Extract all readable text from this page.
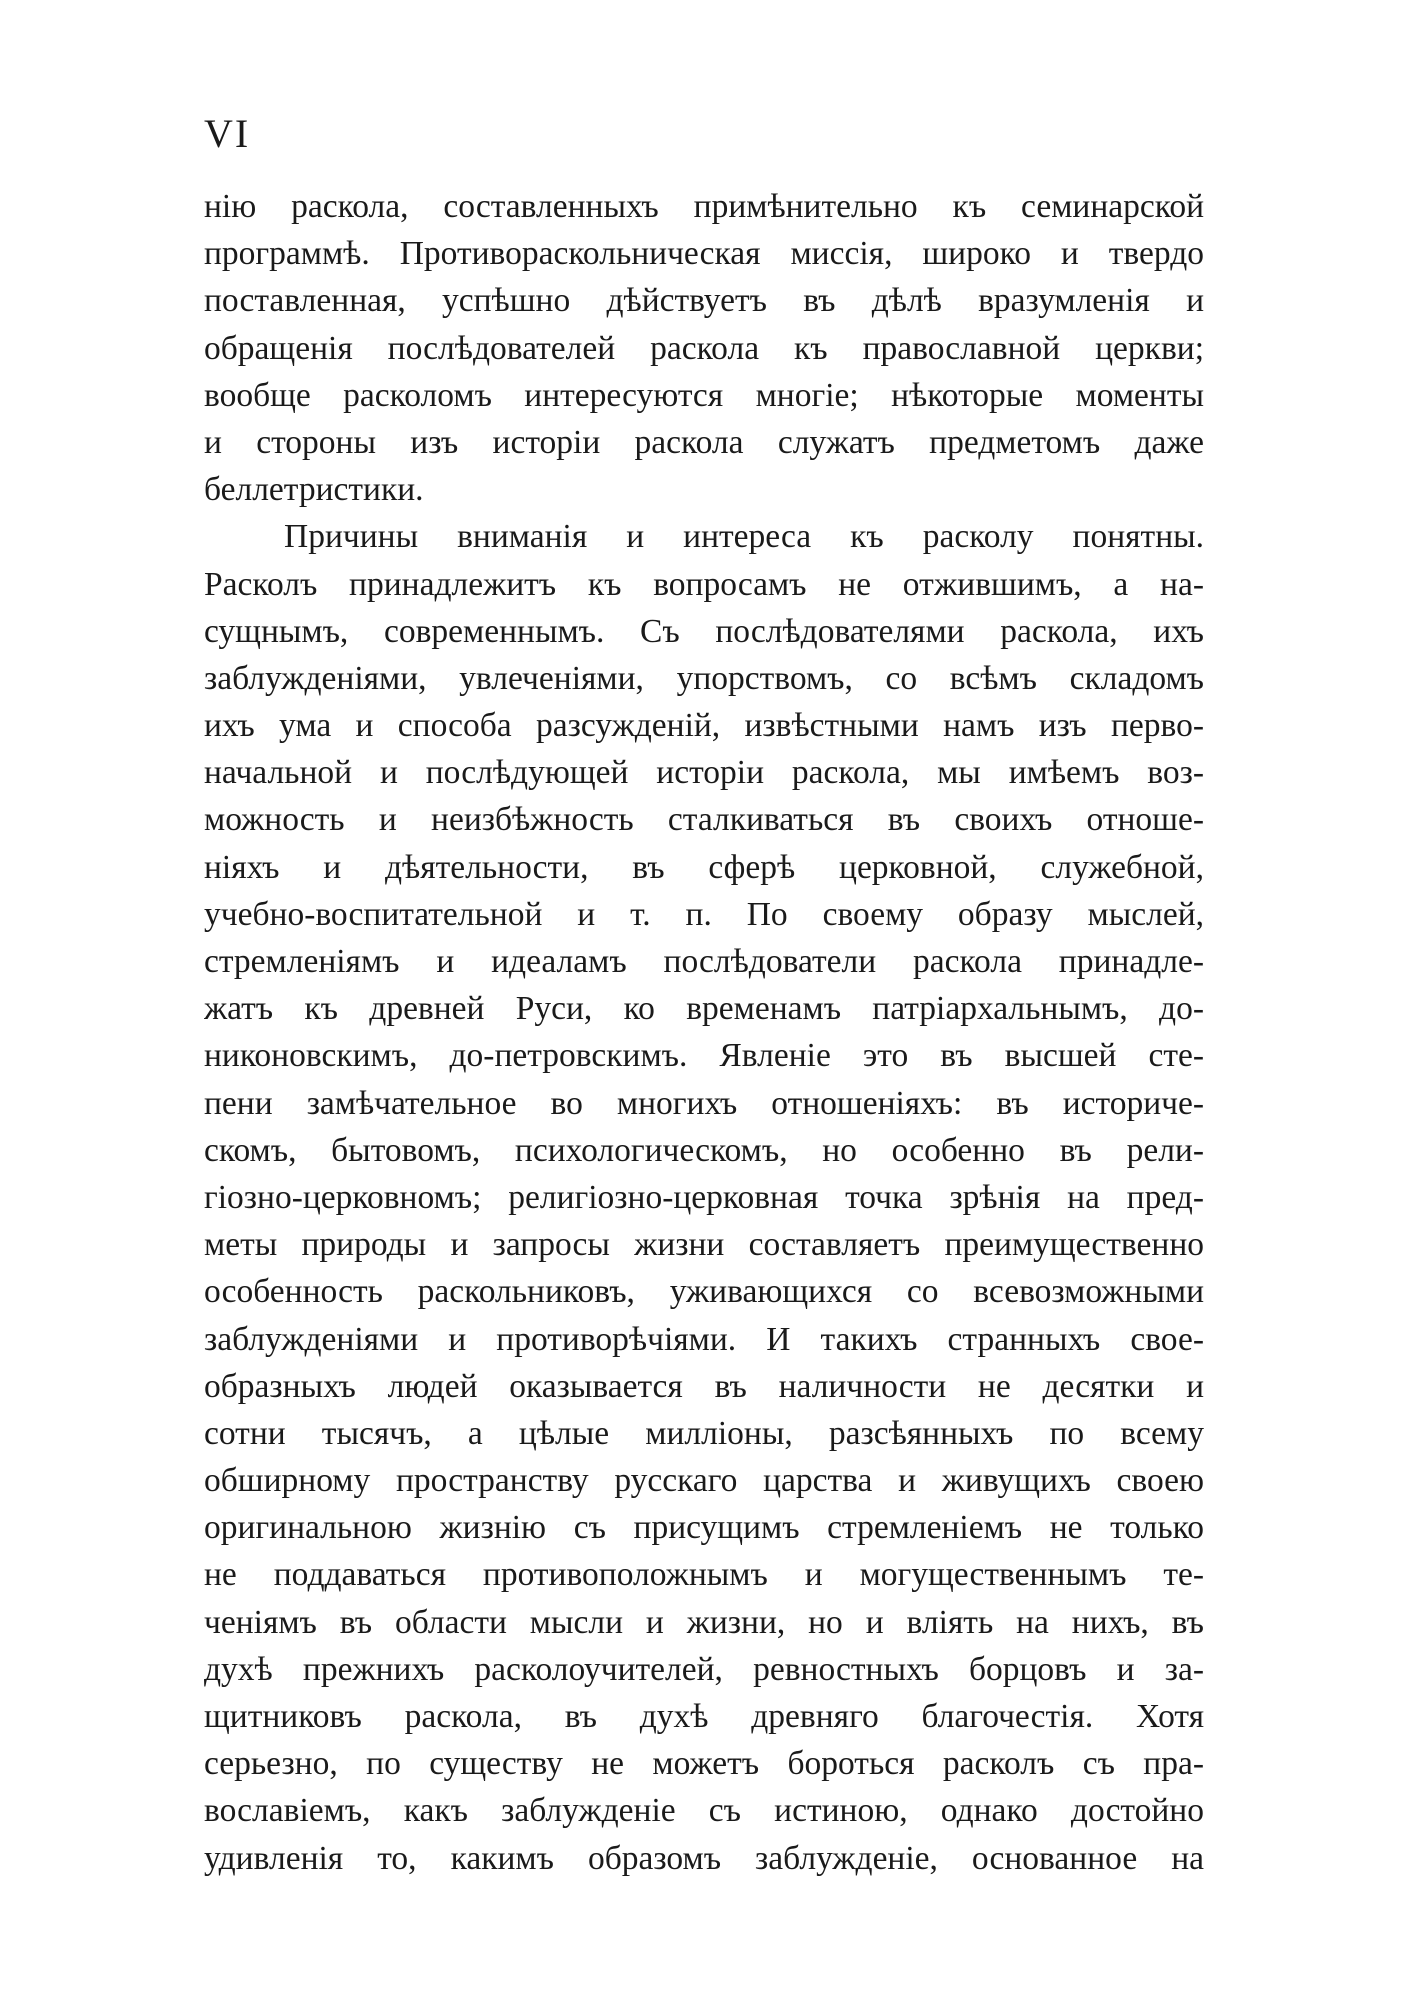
VI
нію раскола, составленныхъ примѣнительно къ семинарской
программѣ. Противораскольническая миссія, широко и твердо
поставленная, успѣшно дѣйствуетъ въ дѣлѣ вразумленія и
обращенія послѣдователей раскола къ православной церкви;
вообще расколомъ интересуются многіе; нѣкоторые моменты
и стороны изъ исторіи раскола служатъ предметомъ даже
беллетристики.
Причины вниманія и интереса къ расколу понятны.
Расколъ принадлежитъ къ вопросамъ не отжившимъ, а на-
сущнымъ, современнымъ. Съ послѣдователями раскола, ихъ
заблужденіями, увлеченіями, упорствомъ, со всѣмъ складомъ
ихъ ума и способа разсужденій, извѣстными намъ изъ перво-
начальной и послѣдующей исторіи раскола, мы имѣемъ воз-
можность и неизбѣжность сталкиваться въ своихъ отноше-
ніяхъ и дѣятельности, въ сферѣ церковной, служебной,
учебно-воспитательной и т. п. По своему образу мыслей,
стремленіямъ и идеаламъ послѣдователи раскола принадле-
жатъ къ древней Руси, ко временамъ патріархальнымъ, до-
никоновскимъ, до-петровскимъ. Явленіе это въ высшей сте-
пени замѣчательное во многихъ отношеніяхъ: въ историче-
скомъ, бытовомъ, психологическомъ, но особенно въ рели-
гіозно-церковномъ; религіозно-церковная точка зрѣнія на пред-
меты природы и запросы жизни составляетъ преимущественно
особенность раскольниковъ, уживающихся со всевозможными
заблужденіями и противорѣчіями. И такихъ странныхъ свое-
образныхъ людей оказывается въ наличности не десятки и
сотни тысячъ, а цѣлые милліоны, разсѣянныхъ по всему
обширному пространству русскаго царства и живущихъ своею
оригинальною жизнію съ присущимъ стремленіемъ не только
не поддаваться противоположнымъ и могущественнымъ те-
ченіямъ въ области мысли и жизни, но и вліять на нихъ, въ
духѣ прежнихъ расколоучителей, ревностныхъ борцовъ и за-
щитниковъ раскола, въ духѣ древняго благочестія. Хотя
серьезно, по существу не можетъ бороться расколъ съ пра-
вославіемъ, какъ заблужденіе съ истиною, однако достойно
удивленія то, какимъ образомъ заблужденіе, основанное на
